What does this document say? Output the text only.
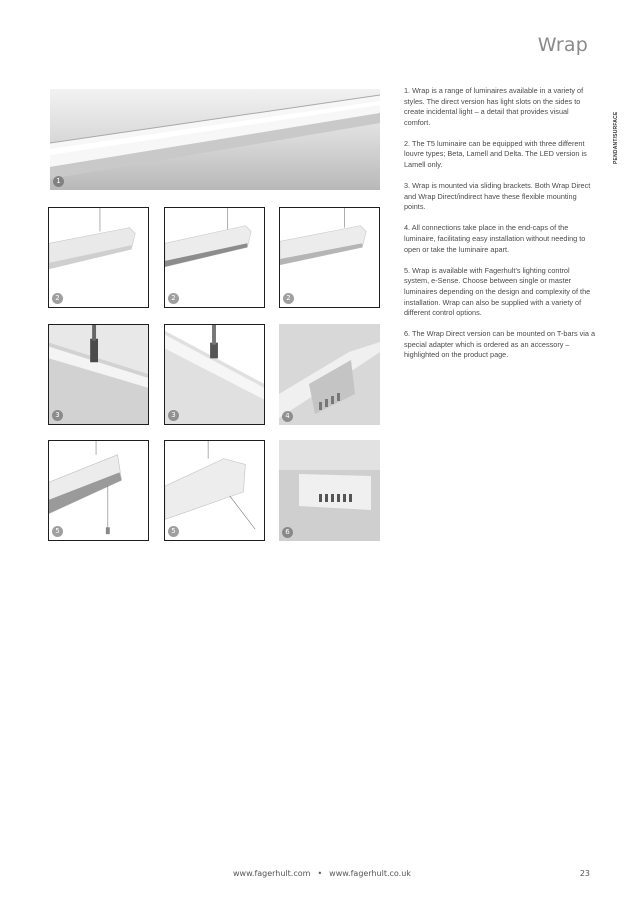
Wrap
PENDANT/SURFACE

1. Wrap is a range of luminaires available in a variety of styles. The direct version has light slots on the sides to create incidental light – a detail that provides visual comfort.

2. The T5 luminaire can be equipped with three different louvre types; Beta, Lamell and Delta. The LED version is Lamell only.

3. Wrap is mounted via sliding brackets. Both Wrap Direct and Wrap Direct/indirect have these flexible mounting points.

4. All connections take place in the end-caps of the luminaire, facilitating easy installation without needing to open or take the luminaire apart.

5. Wrap is available with Fagerhult’s lighting control system, e-Sense. Choose between single or master luminaires depending on the design and complexity of the installation. Wrap can also be supplied with a variety of different control options.

6. The Wrap Direct version can be mounted on T-bars via a special adapter which is ordered as an accessory – highlighted on the product page.

1
2	2	2
3	3	4
5	5	6
www.fagerhult.com • www.fagerhult.co.uk	23
